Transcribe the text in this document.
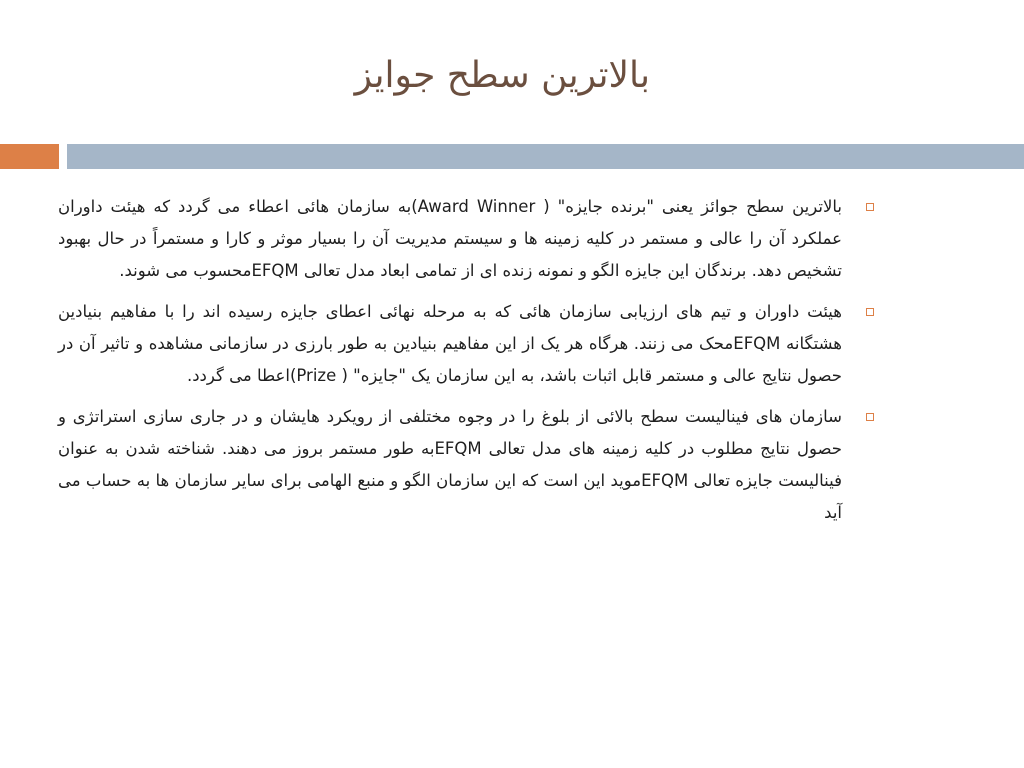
بالاترین سطح جوایز
بالاترین سطح جوائز یعنی "برنده جایزه" ( Award Winner)به سازمان هائی اعطاء می گردد که هیئت داوران عملکرد آن را عالی و مستمر در کلیه زمینه ها و سیستم مدیریت آن را بسیار موثر و کارا و مستمراً در حال بهبود تشخیص دهد. برندگان این جایزه الگو و نمونه زنده ای از تمامی ابعاد مدل تعالی EFQMمحسوب می شوند.
هیئت داوران و تیم های ارزیابی سازمان هائی که به مرحله نهائی اعطای جایزه رسیده اند را با مفاهیم بنیادین هشتگانه EFQMمحک می زنند. هرگاه هر یک از این مفاهیم بنیادین به طور بارزی در سازمانی مشاهده و تاثیر آن در حصول نتایج عالی و مستمر قابل اثبات باشد، به این سازمان یک "جایزه" ( Prize)اعطا می گردد.
سازمان های فینالیست سطح بالائی از بلوغ را در وجوه مختلفی از رویکرد هایشان و در جاری سازی استراتژی و حصول نتایج مطلوب در کلیه زمینه های مدل تعالی EFQMبه طور مستمر بروز می دهند. شناخته شدن به عنوان فینالیست جایزه تعالی EFQMموید این است که این سازمان الگو و منبع الهامی برای سایر سازمان ها به حساب می آید
